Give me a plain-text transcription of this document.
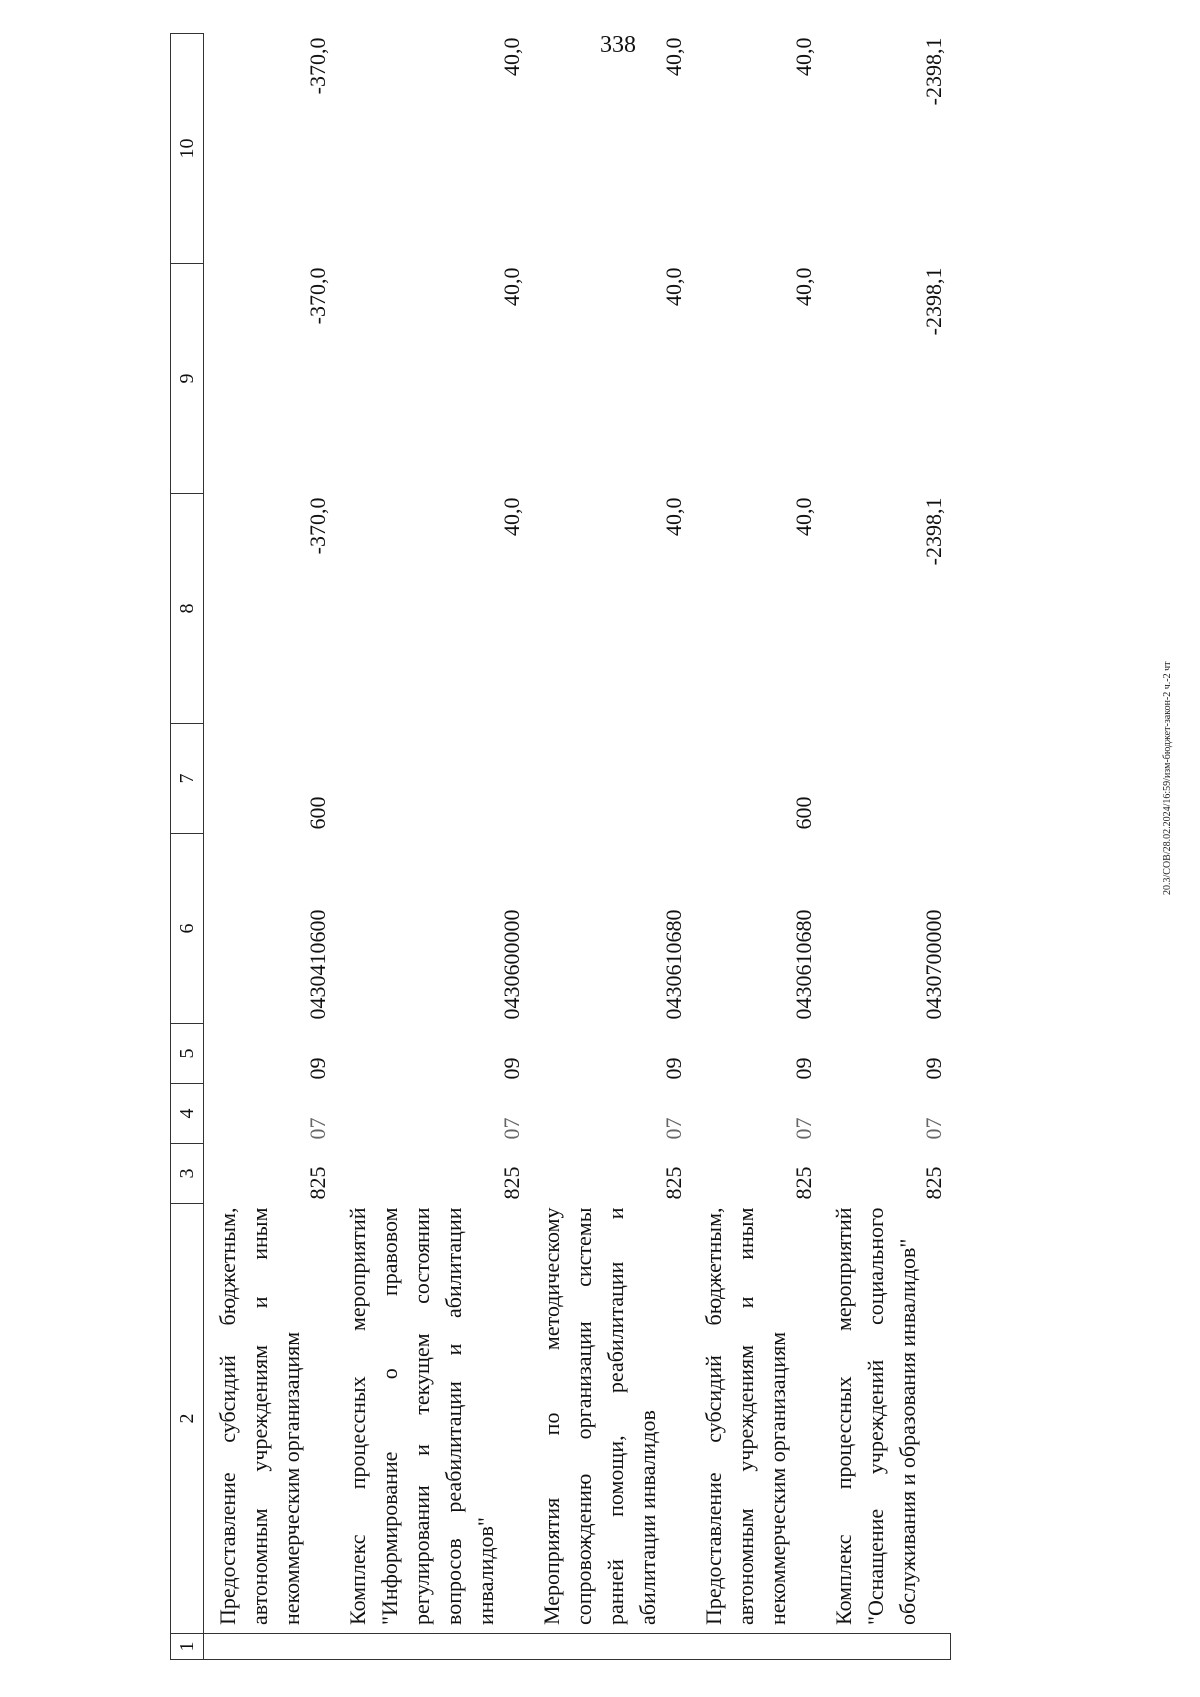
338
20.3/СОВ/28.02.2024/16:59/изм-бюджет-закон-2 ч.-2 чт
1	2	3	4	5	6	7	8	9	10
	Предоставление субсидий бюджетным, автономным учреждениям и иным некоммерческим организациям	825	07	09	0430410600	600	-370,0	-370,0	-370,0
	Комплекс процессных мероприятий "Информирование о правовом регулировании и текущем состоянии вопросов реабилитации и абилитации инвалидов"	825	07	09	0430600000		40,0	40,0	40,0
	Мероприятия по методическому сопровождению организации системы ранней помощи, реабилитации и абилитации инвалидов	825	07	09	0430610680		40,0	40,0	40,0
	Предоставление субсидий бюджетным, автономным учреждениям и иным некоммерческим организациям	825	07	09	0430610680	600	40,0	40,0	40,0
	Комплекс процессных мероприятий "Оснащение учреждений социального обслуживания и образования инвалидов"	825	07	09	0430700000		-2398,1	-2398,1	-2398,1
